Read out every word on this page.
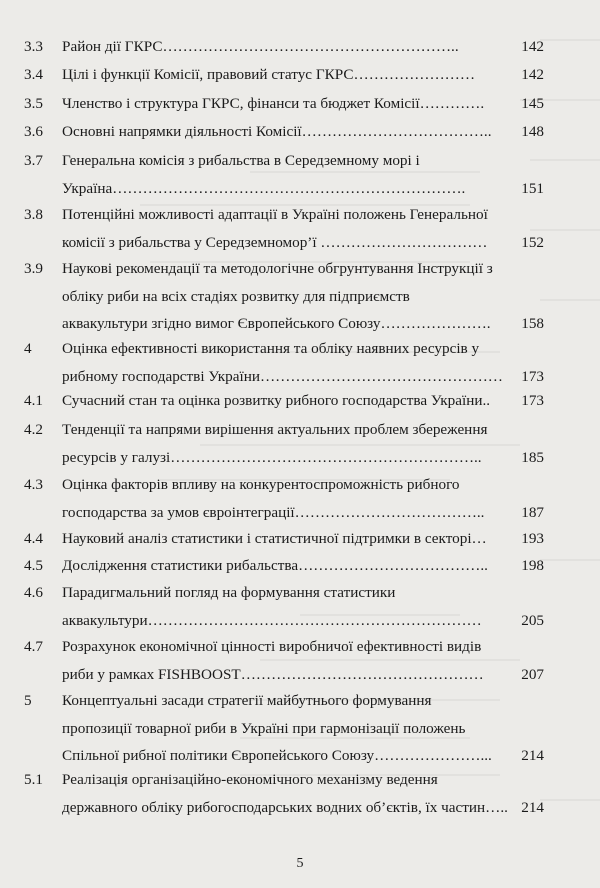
3.3 Район дії ГКРС…………………………………………………..	142
3.4 Цілі і функції Комісії, правовий статус ГКРС……………………	142
3.5 Членство і структура ГКРС, фінанси та бюджет Комісії…………. 145
3.6 Основні напрямки діяльності Комісії……………………………….. 148
3.7 Генеральна комісія з рибальства в Середземному морі і
Україна…………………………………………………………….	151
3.8 Потенційні можливості адаптації в Україні положень Генеральної
комісії з рибальства у Середземномор’ї …………………………… 152
3.9 Наукові рекомендації та методологічне обгрунтування Інструкції з
обліку риби на всіх стадіях розвитку для підприємств
аквакультури згідно вимог Європейського Союзу…………………. 158
4 Оцінка ефективності використання та обліку наявних ресурсів у
рибному господарстві України………………………………………… 173
4.1 Сучасний стан та оцінка розвитку рибного господарства України.. 173
4.2 Тенденції та напрями вирішення актуальних проблем збереження
ресурсів у галузі……………………………………………………..	185
4.3 Оцінка факторів впливу на конкурентоспроможність рибного
господарства за умов євроінтеграції……………………………….. 187
4.4 Науковий аналіз статистики і статистичної підтримки в секторі… 193
4.5 Дослідження статистики рибальства……………………………….. 198
4.6 Парадигмальний погляд на формування статистики
аквакультури…………………………………………………………	205
4.7 Розрахунок економічної цінності виробничої ефективності видів
риби у рамках FISHBOOST………………………………………… 207
5 Концептуальні засади стратегії майбутнього формування
пропозиції товарної риби в Україні при гармонізації положень
Спільної рибної політики Європейського Союзу…………………... 214
5.1 Реалізація організаційно-економічного механізму ведення
державного обліку рибогосподарських водних об’єктів, їх частин….. 214
5
